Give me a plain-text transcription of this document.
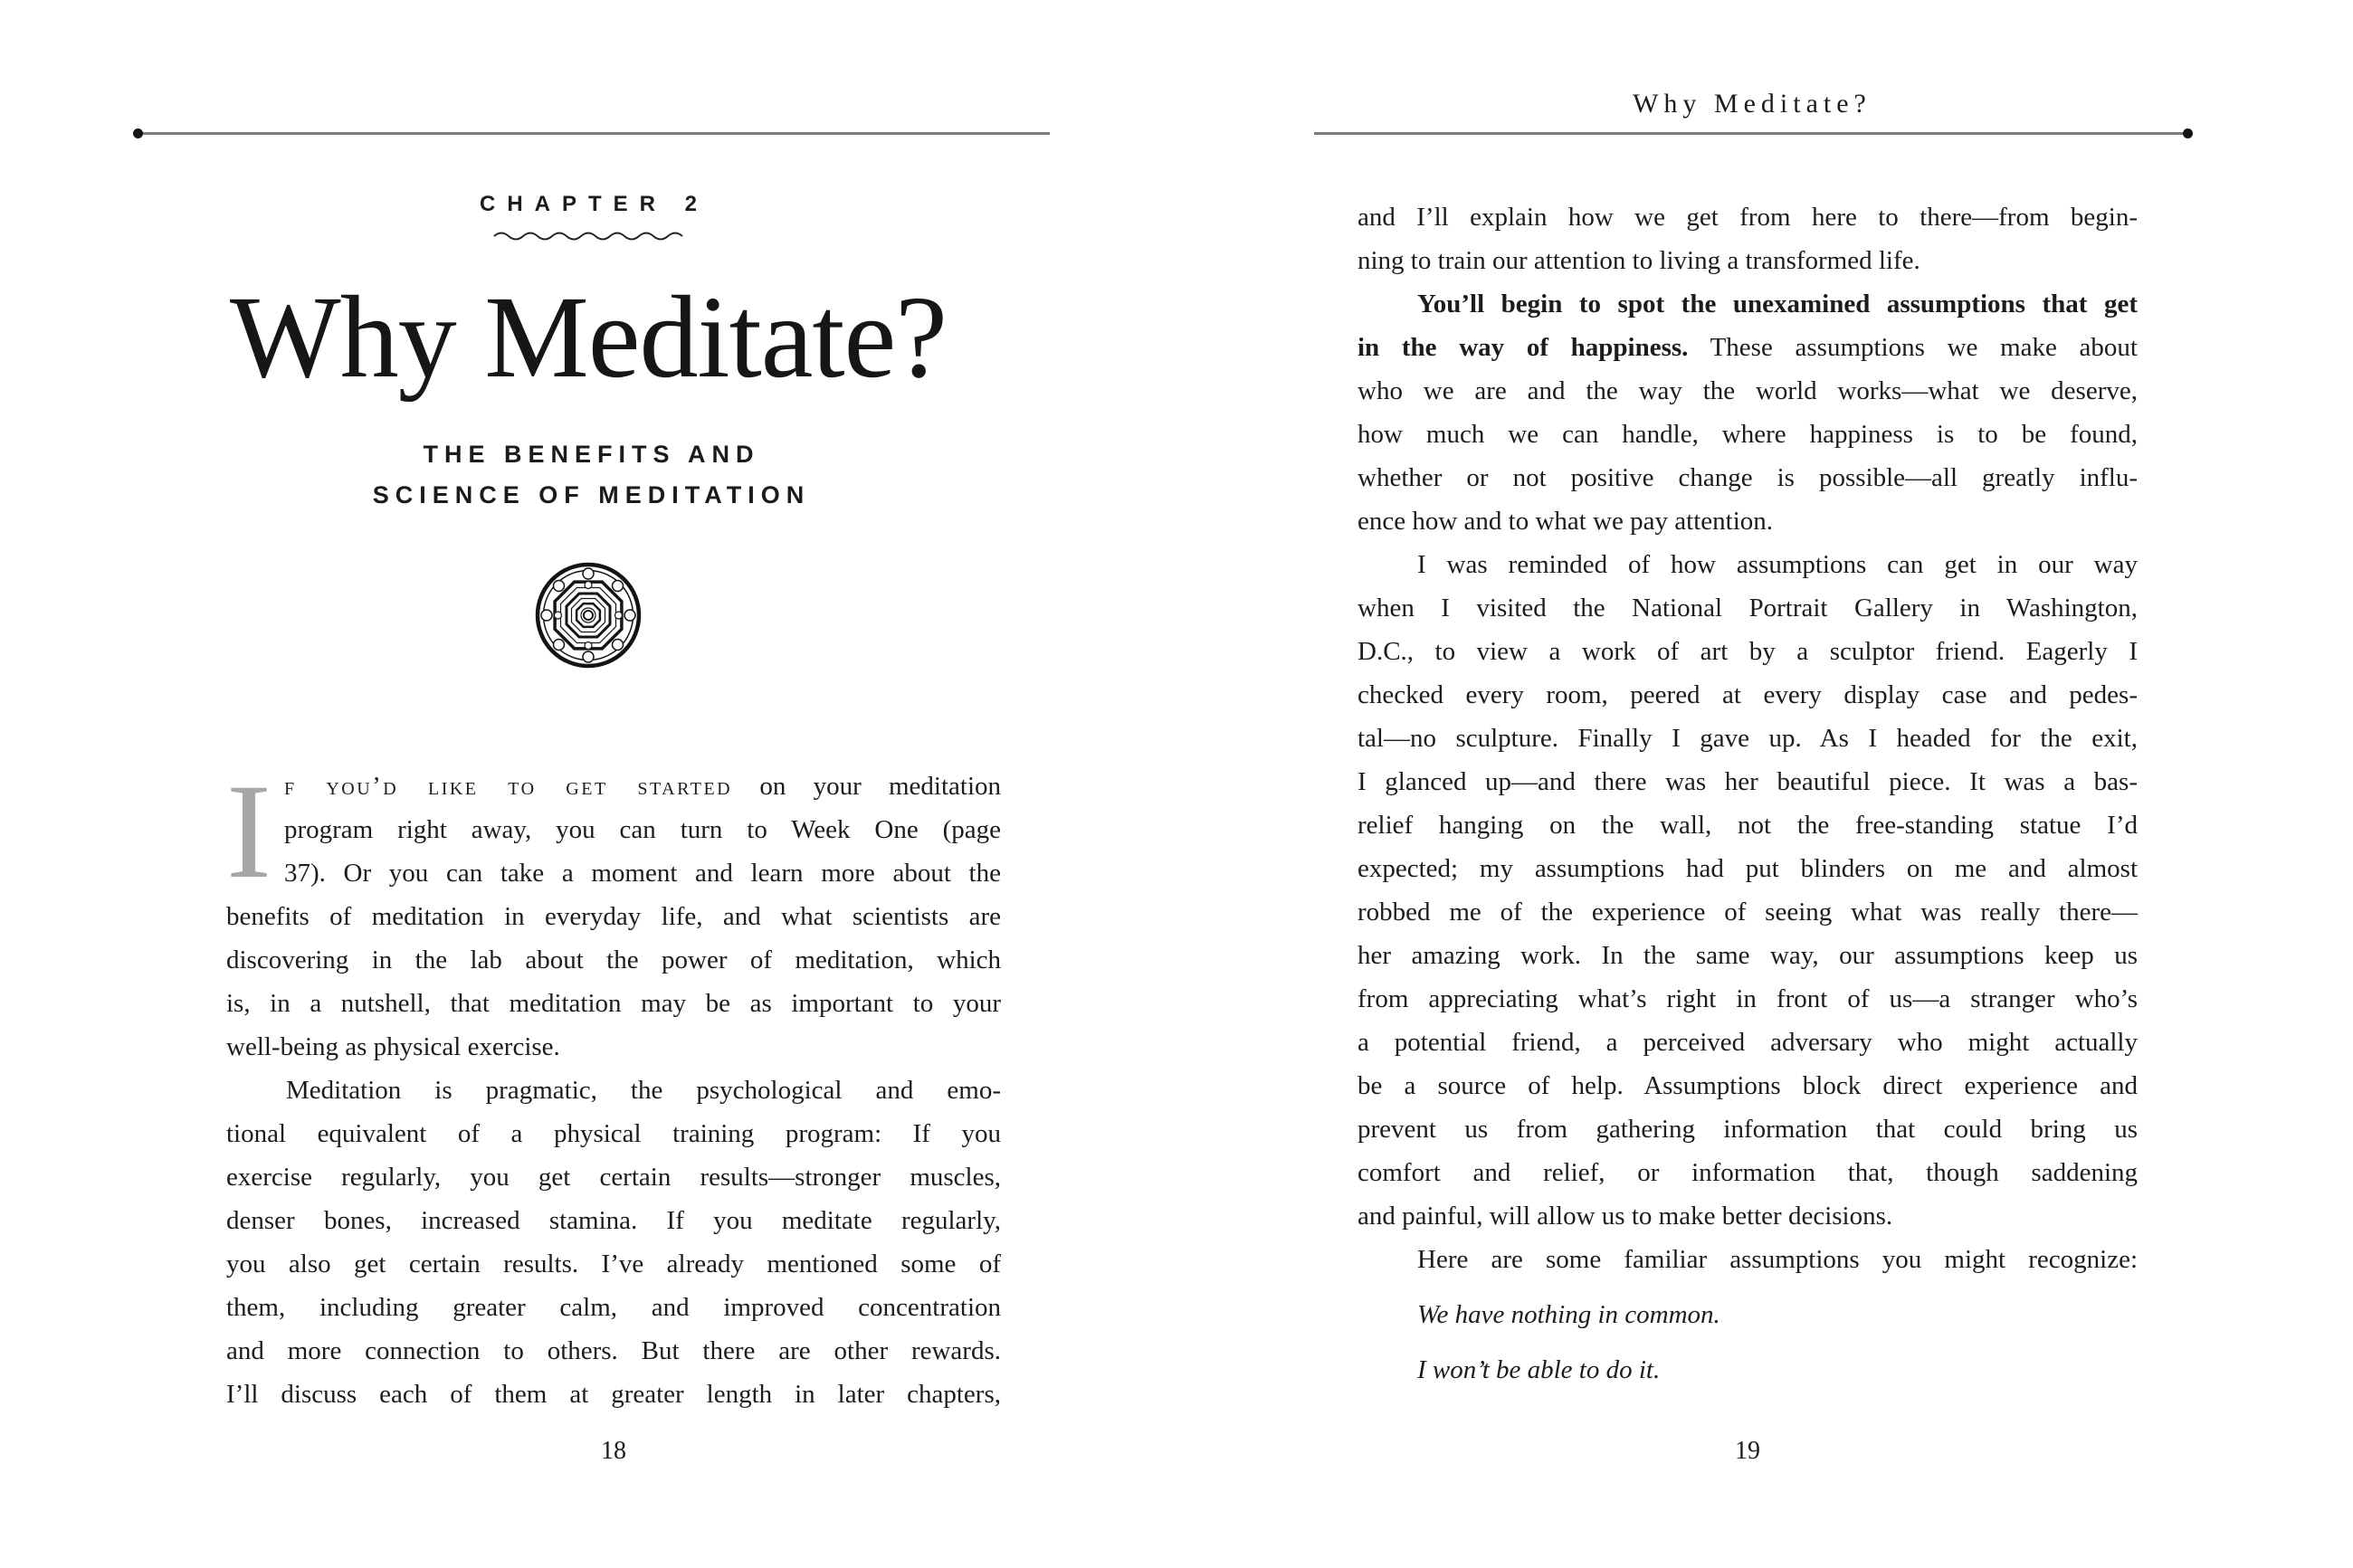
CHAPTER 2
Why Meditate?
THE BENEFITS AND
SCIENCE OF MEDITATION
I f you’d like to get started on your meditation
program right away, you can turn to Week One (page
37). Or you can take a moment and learn more about the
benefits of meditation in everyday life, and what scientists are
discovering in the lab about the power of meditation, which
is, in a nutshell, that meditation may be as important to your
well-being as physical exercise.
Meditation is pragmatic, the psychological and emo-
tional equivalent of a physical training program: If you
exercise regularly, you get certain results—stronger muscles,
denser bones, increased stamina. If you meditate regularly,
you also get certain results. I’ve already mentioned some of
them, including greater calm, and improved concentration
and more connection to others. But there are other rewards.
I’ll discuss each of them at greater length in later chapters,
18
Why Meditate?
and I’ll explain how we get from here to there—from begin-
ning to train our attention to living a transformed life.
You’ll begin to spot the unexamined assumptions that get
in the way of happiness. These assumptions we make about
who we are and the way the world works—what we deserve,
how much we can handle, where happiness is to be found,
whether or not positive change is possible—all greatly influ-
ence how and to what we pay attention.
I was reminded of how assumptions can get in our way
when I visited the National Portrait Gallery in Washington,
D.C., to view a work of art by a sculptor friend. Eagerly I
checked every room, peered at every display case and pedes-
tal—no sculpture. Finally I gave up. As I headed for the exit,
I glanced up—and there was her beautiful piece. It was a bas-
relief hanging on the wall, not the free-standing statue I’d
expected; my assumptions had put blinders on me and almost
robbed me of the experience of seeing what was really there—
her amazing work. In the same way, our assumptions keep us
from appreciating what’s right in front of us—a stranger who’s
a potential friend, a perceived adversary who might actually
be a source of help. Assumptions block direct experience and
prevent us from gathering information that could bring us
comfort and relief, or information that, though saddening
and painful, will allow us to make better decisions.
Here are some familiar assumptions you might recognize:
We have nothing in common.
I won’t be able to do it.
19
